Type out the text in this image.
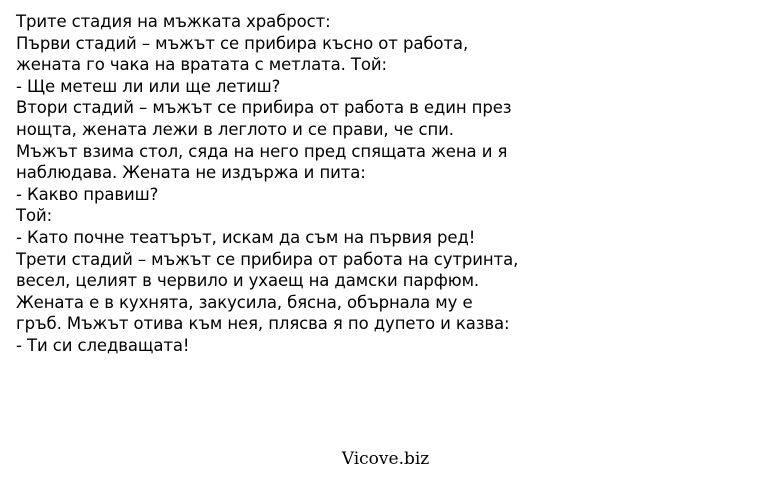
Трите стадия на мъжката храброст:
Първи стадий – мъжът се прибира късно от работа,
жената го чака на вратата с метлата. Той:
- Ще метеш ли или ще летиш?
Втори стадий – мъжът се прибира от работа в един през
нощта, жената лежи в леглото и се прави, че спи.
Мъжът взима стол, сяда на него пред спящата жена и я
наблюдава. Жената не издържа и пита:
- Какво правиш?
Той:
- Като почне театърът, искам да съм на първия ред!
Трети стадий – мъжът се прибира от работа на сутринта,
весел, целият в червило и ухаещ на дамски парфюм.
Жената е в кухнята, закусила, бясна, обърнала му е
гръб. Мъжът отива към нея, плясва я по дупето и казва:
- Ти си следващата!
Vicove.biz
